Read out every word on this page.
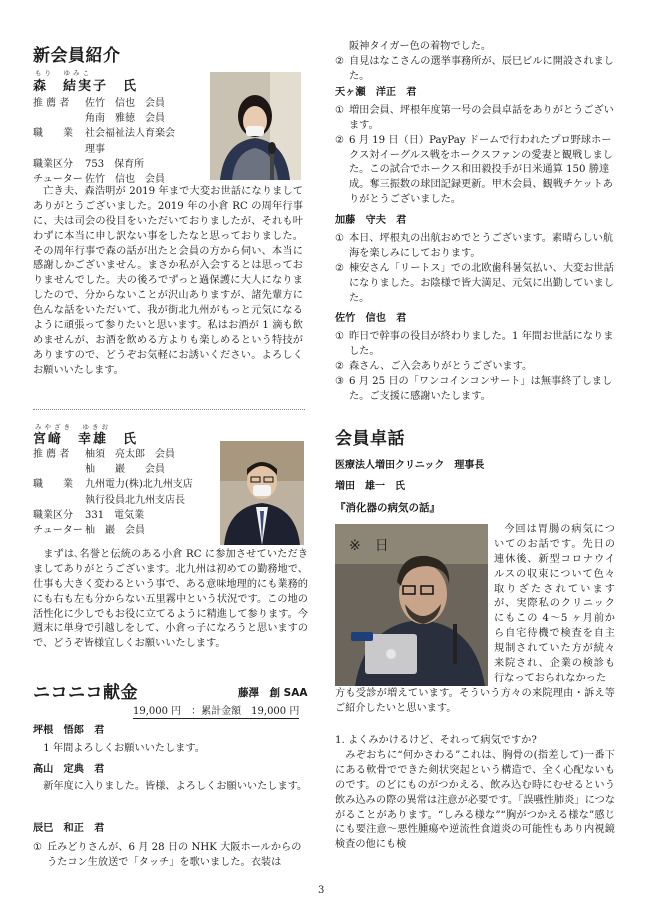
新会員紹介
もり　ゆみこ
森　結実子　氏
推 薦 者	佐竹　信也　会員
	角南　雅徳　会員
職　　業	社会福祉法人育楽会
	理事
職業区分	753　保育所
チューター	佐竹　信也　会員

亡き夫、森浩明が 2019 年まで大変お世話になりましてありがとうございました。2019 年の小倉 RC の周年行事に、夫は司会の役目をいただいておりましたが、それも叶わずに本当に申し訳ない事をしたなと思っておりました。その周年行事で森の話が出たと会員の方から伺い、本当に感謝しかございません。まさか私が入会するとは思っておりませんでした。夫の後ろでずっと過保護に大人になりましたので、分からないことが沢山ありますが、諸先輩方に色んな話をいただいて、我が街北九州がもっと元気になるように頑張って参りたいと思います。私はお酒が 1 滴も飲めませんが、お酒を飲める方よりも楽しめるという特技がありますので、どうぞお気軽にお誘いください。よろしくお願いいたします。

みやざき　ゆきお
宮﨑　幸雄　氏
推 薦 者	柚須　亮太郎　会員
	杣　　巖　　会員
職　　業	九州電力(株)北九州支店
	執行役員北九州支店長
職業区分	331　電気業
チューター	杣　巖　会員

まずは､名誉と伝統のある小倉 RC に参加させていただきましてありがとうございます。北九州は初めての勤務地で、仕事も大きく変わるという事で、ある意味地理的にも業務的にも右も左も分からない五里霧中という状況です。この地の活性化に少しでもお役に立てるように精進して参ります。今週末に単身で引越しをして、小倉っ子になろうと思いますので、どうぞ皆様宜しくお願いいたします。

ニコニコ献金	藤澤　創 SAA
19,000 円　：累計金額　19,000 円
坪根　悟郎　君

1 年間よろしくお願いいたします。

高山　定典　君

新年度に入りました。皆様、よろしくお願いいたします。

辰巳　和正　君
① 丘みどりさんが、6 月 28 日の NHK 大阪ホールからのうたコン生放送で「タッチ」を歌いました。衣装は
阪神タイガー色の着物でした。
② 自見はなこさんの選挙事務所が、辰巳ビルに開設されました。
天ヶ瀬　洋正　君
① 増田会員、坪根年度第一号の会員卓話をありがとうございます。
② 6 月 19 日（日）PayPay ドームで行われたプロ野球ホークス対イーグルス戦をホークスファンの愛妻と観戦しました。この試合でホークス和田毅投手が日米通算 150 勝達成。奪三振数の球団記録更新。甲木会員、観戦チケットありがとうございました。
加藤　守夫　君
① 本日、坪根丸の出航おめでとうございます。素晴らしい航海を楽しみにしております。
② 棟安さん「リートス」での北欧歯科暑気払い、大変お世話になりました。お陰様で皆大満足、元気に出勤していました。
佐竹　信也　君
① 昨日で幹事の役目が終わりました。1 年間お世話になりました。
② 森さん、ご入会ありがとうございます。
③ 6 月 25 日の「ワンコインコンサート」は無事終了しました。ご支援に感謝いたします。
会員卓話
医療法人増田クリニック　理事長
増田　雄一　氏
『消化器の病気の話』
※　日

今回は胃腸の病気についてのお話です。先日の連休後、新型コロナウイルスの収束について色々取りざたされていますが、実際私のクリニックにもこの 4〜5 ヶ月前から自宅待機で検査を自主規制されていた方が続々来院され、企業の検診も行なっておられなかった

方も受診が増えています。そういう方々の来院理由・訴え等ご紹介したいと思います。

1. よくみかけるけど、それって病気ですか?

みぞおちに“何かさわる”これは、胸骨の(指差して)一番下にある軟骨でできた剣状突起という構造で、全く心配ないものです。のどにものがつかえる、飲み込む時にむせるという飲み込みの際の異常は注意が必要です。「誤嚥性肺炎」につながることがあります。“しみる様な”“胸がつかえる様な”感じにも要注意〜悪性腫瘍や逆流性食道炎の可能性もあり内視鏡検査の他にも検

3
